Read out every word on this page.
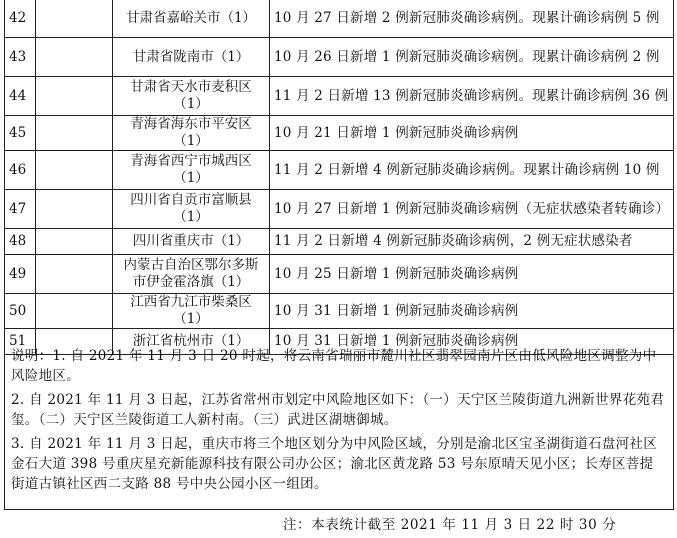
42		甘肃省嘉峪关市（1）	10 月 27 日新增 2 例新冠肺炎确诊病例。现累计确诊病例 5 例
43		甘肃省陇南市（1）	10 月 26 日新增 1 例新冠肺炎确诊病例。现累计确诊病例 2 例
44		甘肃省天水市麦积区（1）	11 月 2 日新增 13 例新冠肺炎确诊病例。现累计确诊病例 36 例
45		青海省海东市平安区（1）	10 月 21 日新增 1 例新冠肺炎确诊病例
46		青海省西宁市城西区（1）	11 月 2 日新增 4 例新冠肺炎确诊病例。现累计确诊病例 10 例
47		四川省自贡市富顺县（1）	10 月 27 日新增 1 例新冠肺炎确诊病例（无症状感染者转确诊）
48		四川省重庆市（1）	11 月 2 日新增 4 例新冠肺炎确诊病例，2 例无症状感染者
49		内蒙古自治区鄂尔多斯市伊金霍洛旗（1）	10 月 25 日新增 1 例新冠肺炎确诊病例
50		江西省九江市柴桑区（1）	10 月 31 日新增 1 例新冠肺炎确诊病例
51		浙江省杭州市（1）	10 月 31 日新增 1 例新冠肺炎确诊病例

说明：1. 自 2021 年 11 月 3 日 20 时起，将云南省瑞丽市麓川社区翡翠园南片区由低风险地区调整为中风险地区。

2. 自 2021 年 11 月 3 日起，江苏省常州市划定中风险地区如下：（一）天宁区兰陵街道九洲新世界花苑君玺。（二）天宁区兰陵街道工人新村南。（三）武进区湖塘御城。

3. 自 2021 年 11 月 3 日起，重庆市将三个地区划分为中风险区域，分别是渝北区宝圣湖街道石盘河社区金石大道 398 号重庆星充新能源科技有限公司办公区；渝北区黄龙路 53 号东原晴天见小区；长寿区菩提街道古镇社区西二支路 88 号中央公园小区一组团。

注：本表统计截至 2021 年 11 月 3 日 22 时 30 分
